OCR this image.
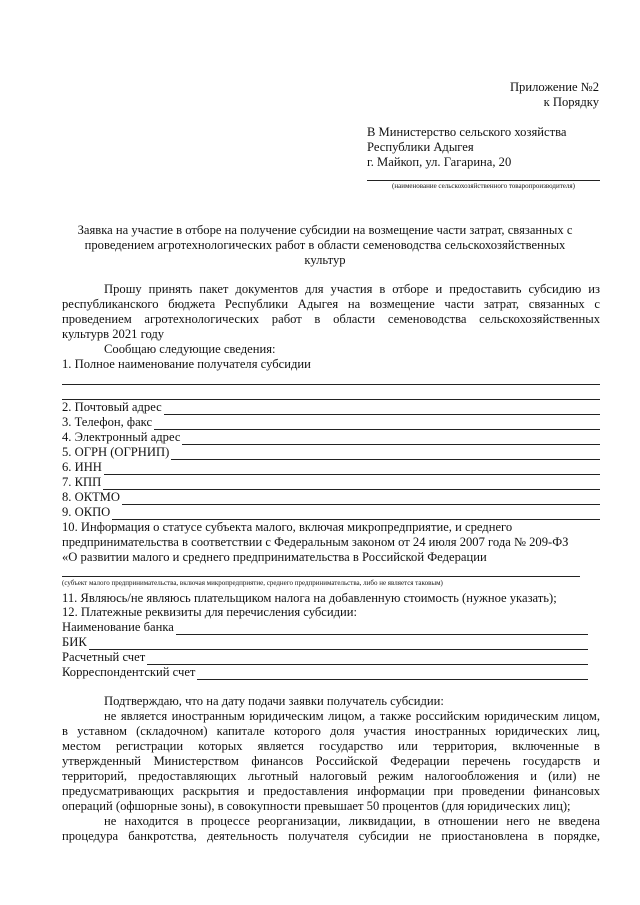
Приложение №2
к Порядку
В Министерство сельского хозяйства
Республики Адыгея
г. Майкоп, ул. Гагарина, 20
(наименование сельскохозяйственного товаропроизводителя)
Заявка на участие в отборе на получение субсидии на возмещение части затрат, связанных с
проведением агротехнологических работ в области семеноводства сельскохозяйственных
культур
Прошу принять пакет документов для участия в отборе и предоставить субсидию из
республиканского бюджета Республики Адыгея на возмещение части затрат, связанных с
проведением агротехнологических работ в области семеноводства сельскохозяйственных
культурв 2021 году
Сообщаю следующие сведения:
1. Полное наименование получателя субсидии
2. Почтовый адрес
3. Телефон, факс
4. Электронный адрес
5. ОГРН (ОГРНИП)
6. ИНН
7. КПП
8. ОКТМО
9. ОКПО
10. Информация о статусе субъекта малого, включая микропредприятие, и среднего
предпринимательства в соответствии с Федеральным законом от 24 июля 2007 года № 209-ФЗ
«О развитии малого и среднего предпринимательства в Российской Федерации
(субъект малого предпринимательства, включая микропредприятие, среднего предпринимательства, либо не является таковым)
11. Являюсь/не являюсь плательщиком налога на добавленную стоимость (нужное указать);
12. Платежные реквизиты для перечисления субсидии:
Наименование банка
БИК
Расчетный счет
Корреспондентский счет
Подтверждаю, что на дату подачи заявки получатель субсидии:
не является иностранным юридическим лицом, а также российским юридическим лицом,
в уставном (складочном) капитале которого доля участия иностранных юридических лиц,
местом регистрации которых является государство или территория, включенные в
утвержденный Министерством финансов Российской Федерации перечень государств и
территорий, предоставляющих льготный налоговый режим налогообложения и (или) не
предусматривающих раскрытия и предоставления информации при проведении финансовых
операций (офшорные зоны), в совокупности превышает 50 процентов (для юридических лиц);
не находится в процессе реорганизации, ликвидации, в отношении него не введена
процедура банкротства, деятельность получателя субсидии не приостановлена в порядке,
